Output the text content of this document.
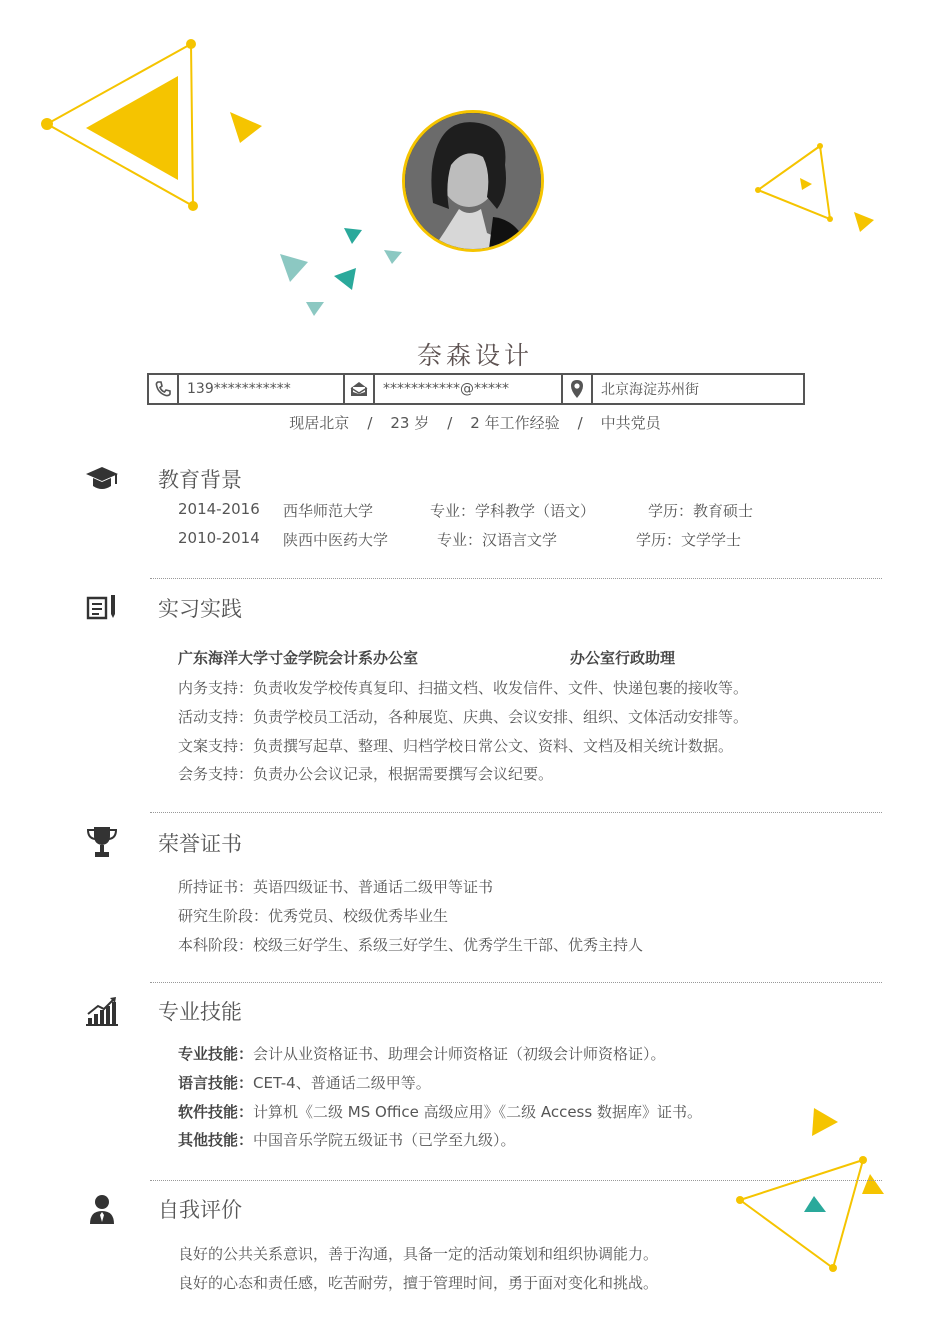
奈森设计
139***********	***********@*****	北京海淀苏州街
现居北京 / 23 岁 / 2 年工作经验 / 中共党员
教育背景
2014-2016 西华师范大学	专业：学科教学（语文）	学历：教育硕士
2010-2014 陕西中医药大学	专业：汉语言文学	学历：文学学士
实习实践
广东海洋大学寸金学院会计系办公室	办公室行政助理
内务支持：负责收发学校传真复印、扫描文档、收发信件、文件、快递包裹的接收等。
活动支持：负责学校员工活动，各种展览、庆典、会议安排、组织、文体活动安排等。
文案支持：负责撰写起草、整理、归档学校日常公文、资料、文档及相关统计数据。
会务支持：负责办公会议记录，根据需要撰写会议纪要。
荣誉证书
所持证书：英语四级证书、普通话二级甲等证书
研究生阶段：优秀党员、校级优秀毕业生
本科阶段：校级三好学生、系级三好学生、优秀学生干部、优秀主持人
专业技能
专业技能：会计从业资格证书、助理会计师资格证（初级会计师资格证）。
语言技能：CET-4、普通话二级甲等。
软件技能：计算机《二级 MS Office 高级应用》《二级 Access 数据库》证书。
其他技能：中国音乐学院五级证书（已学至九级）。
自我评价
良好的公共关系意识，善于沟通，具备一定的活动策划和组织协调能力。
良好的心态和责任感，吃苦耐劳，擅于管理时间，勇于面对变化和挑战。
